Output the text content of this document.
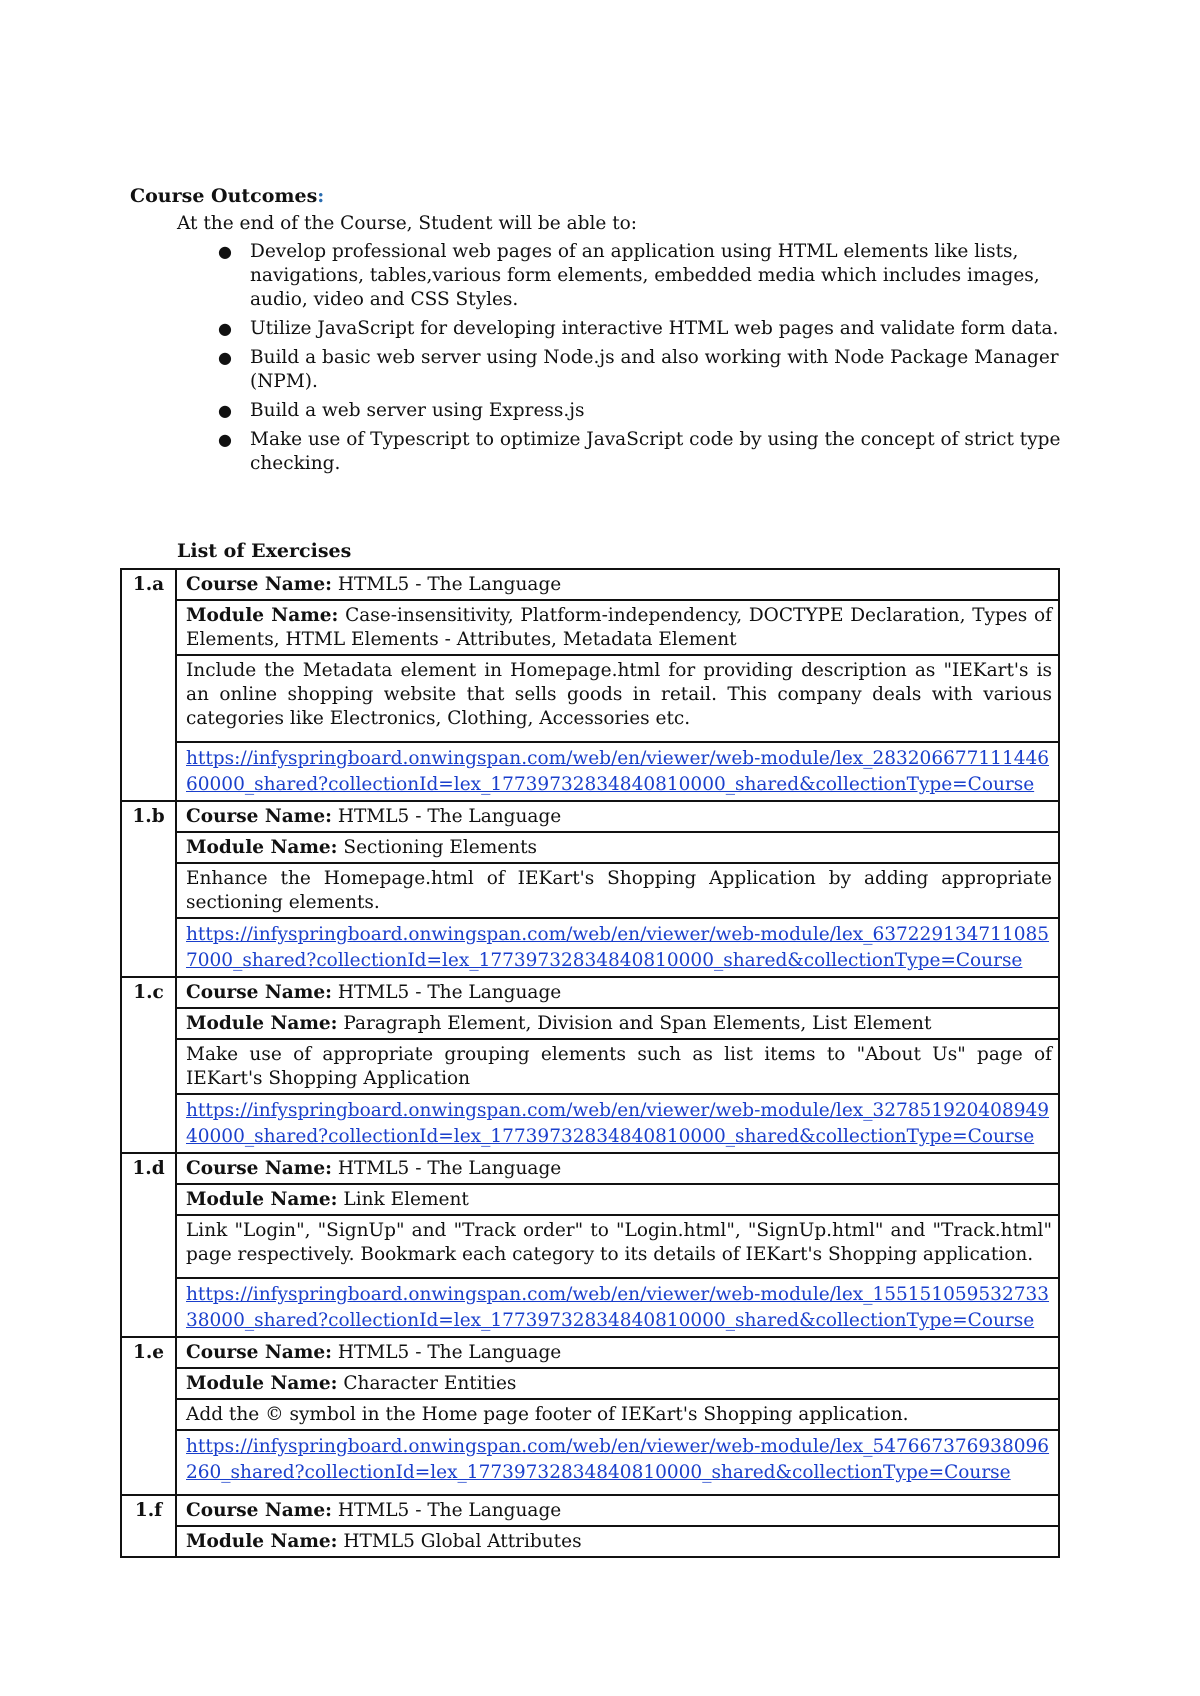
Course Outcomes:
At the end of the Course, Student will be able to:
● Develop professional web pages of an application using HTML elements like lists, navigations, tables,various form elements, embedded media which includes images, audio, video and CSS Styles.
● Utilize JavaScript for developing interactive HTML web pages and validate form data.
● Build a basic web server using Node.js and also working with Node Package Manager (NPM).
● Build a web server using Express.js
● Make use of Typescript to optimize JavaScript code by using the concept of strict type checking.
List of Exercises
1.a	Course Name: HTML5 - The Language
	Module Name: Case-insensitivity, Platform-independency, DOCTYPE Declaration, Types of Elements, HTML Elements - Attributes, Metadata Element
	Include the Metadata element in Homepage.html for providing description as "IEKart's is an online shopping website that sells goods in retail. This company deals with various categories like Electronics, Clothing, Accessories etc.
	https://infyspringboard.onwingspan.com/web/en/viewer/web-module/lex_28320667711144660000_shared?collectionId=lex_17739732834840810000_shared&collectionType=Course
1.b	Course Name: HTML5 - The Language
	Module Name: Sectioning Elements
	Enhance the Homepage.html of IEKart's Shopping Application by adding appropriate sectioning elements.
	https://infyspringboard.onwingspan.com/web/en/viewer/web-module/lex_6372291347110857000_shared?collectionId=lex_17739732834840810000_shared&collectionType=Course
1.c	Course Name: HTML5 - The Language
	Module Name: Paragraph Element, Division and Span Elements, List Element
	Make use of appropriate grouping elements such as list items to "About Us" page of IEKart's Shopping Application
	https://infyspringboard.onwingspan.com/web/en/viewer/web-module/lex_32785192040894940000_shared?collectionId=lex_17739732834840810000_shared&collectionType=Course
1.d	Course Name: HTML5 - The Language
	Module Name: Link Element
	Link "Login", "SignUp" and "Track order" to "Login.html", "SignUp.html" and "Track.html" page respectively. Bookmark each category to its details of IEKart's Shopping application.
	https://infyspringboard.onwingspan.com/web/en/viewer/web-module/lex_15515105953273338000_shared?collectionId=lex_17739732834840810000_shared&collectionType=Course
1.e	Course Name: HTML5 - The Language
	Module Name: Character Entities
	Add the © symbol in the Home page footer of IEKart's Shopping application.
	https://infyspringboard.onwingspan.com/web/en/viewer/web-module/lex_547667376938096260_shared?collectionId=lex_17739732834840810000_shared&collectionType=Course
1.f	Course Name: HTML5 - The Language
	Module Name: HTML5 Global Attributes
